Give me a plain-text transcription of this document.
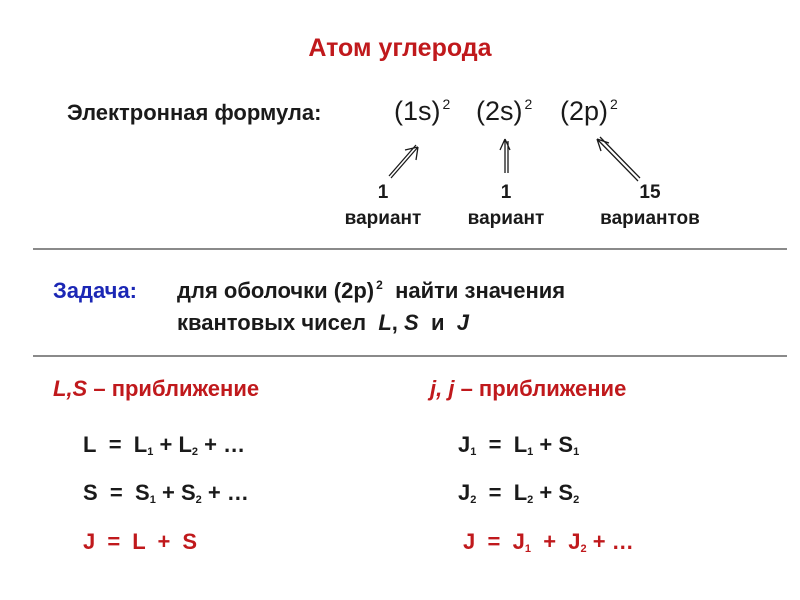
Атом углерода
Электронная формула:	(1s) $^2$ (2s) $^2$ (2p) $^2$
1
вариант
1
вариант
15
вариантов
Задача: для оболочки (2p) $^2$ найти значения
квантовых чисел L, S и J
L,S – приближение
$L = L_1 + L_2$ + …
$S = S_1 + S_2$ + …
J = L + S
j, j – приближение
$J_1 = L_1 + S_1$
$J_2 = L_2 + S_2$
$J = J_1 + J_2$ + …
